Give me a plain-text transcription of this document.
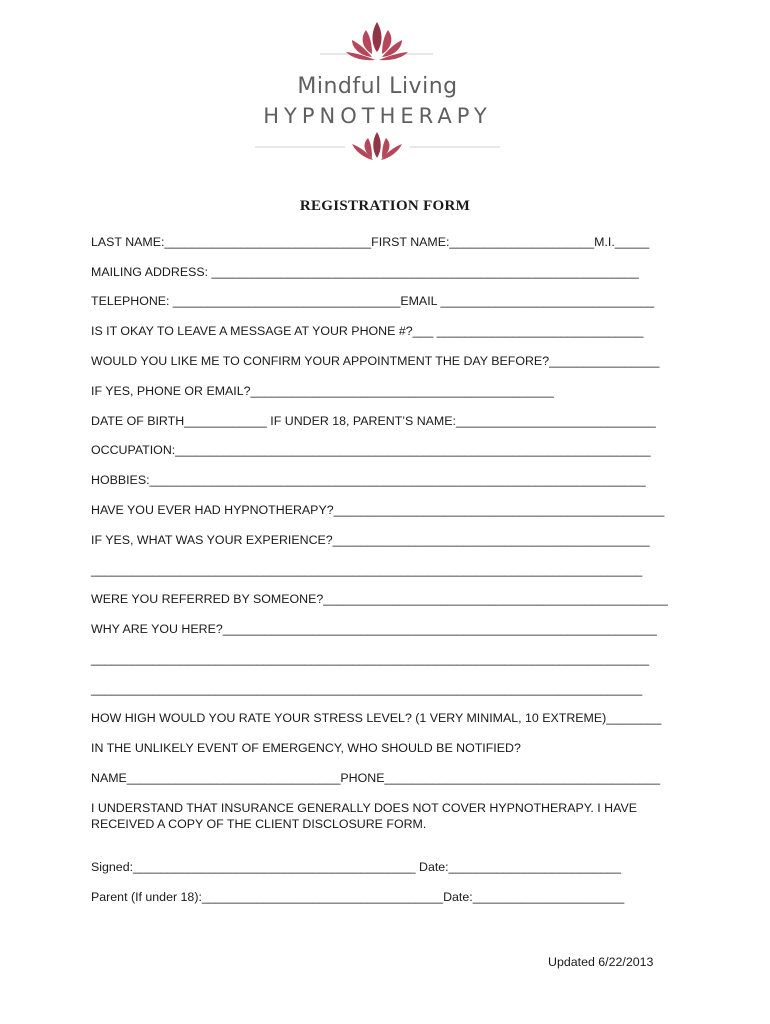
Mindful Living
HYPNOTHERAPY
REGISTRATION FORM
LAST NAME:______________________________FIRST NAME:_____________________M.I._____
MAILING ADDRESS: ______________________________________________________________
TELEPHONE: _________________________________EMAIL _______________________________
IS IT OKAY TO LEAVE A MESSAGE AT YOUR PHONE #?___ ______________________________
WOULD YOU LIKE ME TO CONFIRM YOUR APPOINTMENT THE DAY BEFORE?________________
IF YES, PHONE OR EMAIL?____________________________________________
DATE OF BIRTH____________ IF UNDER 18, PARENT’S NAME:_____________________________
OCCUPATION:_____________________________________________________________________
HOBBIES:________________________________________________________________________
HAVE YOU EVER HAD HYPNOTHERAPY?________________________________________________
IF YES, WHAT WAS YOUR EXPERIENCE?______________________________________________
________________________________________________________________________________
WERE YOU REFERRED BY SOMEONE?__________________________________________________
WHY ARE YOU HERE?_______________________________________________________________
_________________________________________________________________________________
________________________________________________________________________________
HOW HIGH WOULD YOU RATE YOUR STRESS LEVEL? (1 VERY MINIMAL, 10 EXTREME)________
IN THE UNLIKELY EVENT OF EMERGENCY, WHO SHOULD BE NOTIFIED?
NAME_______________________________PHONE________________________________________
I UNDERSTAND THAT INSURANCE GENERALLY DOES NOT COVER HYPNOTHERAPY. I HAVE
RECEIVED A COPY OF THE CLIENT DISCLOSURE FORM.
Signed:_________________________________________ Date:_________________________
Parent (If under 18):___________________________________Date:______________________
Updated 6/22/2013
